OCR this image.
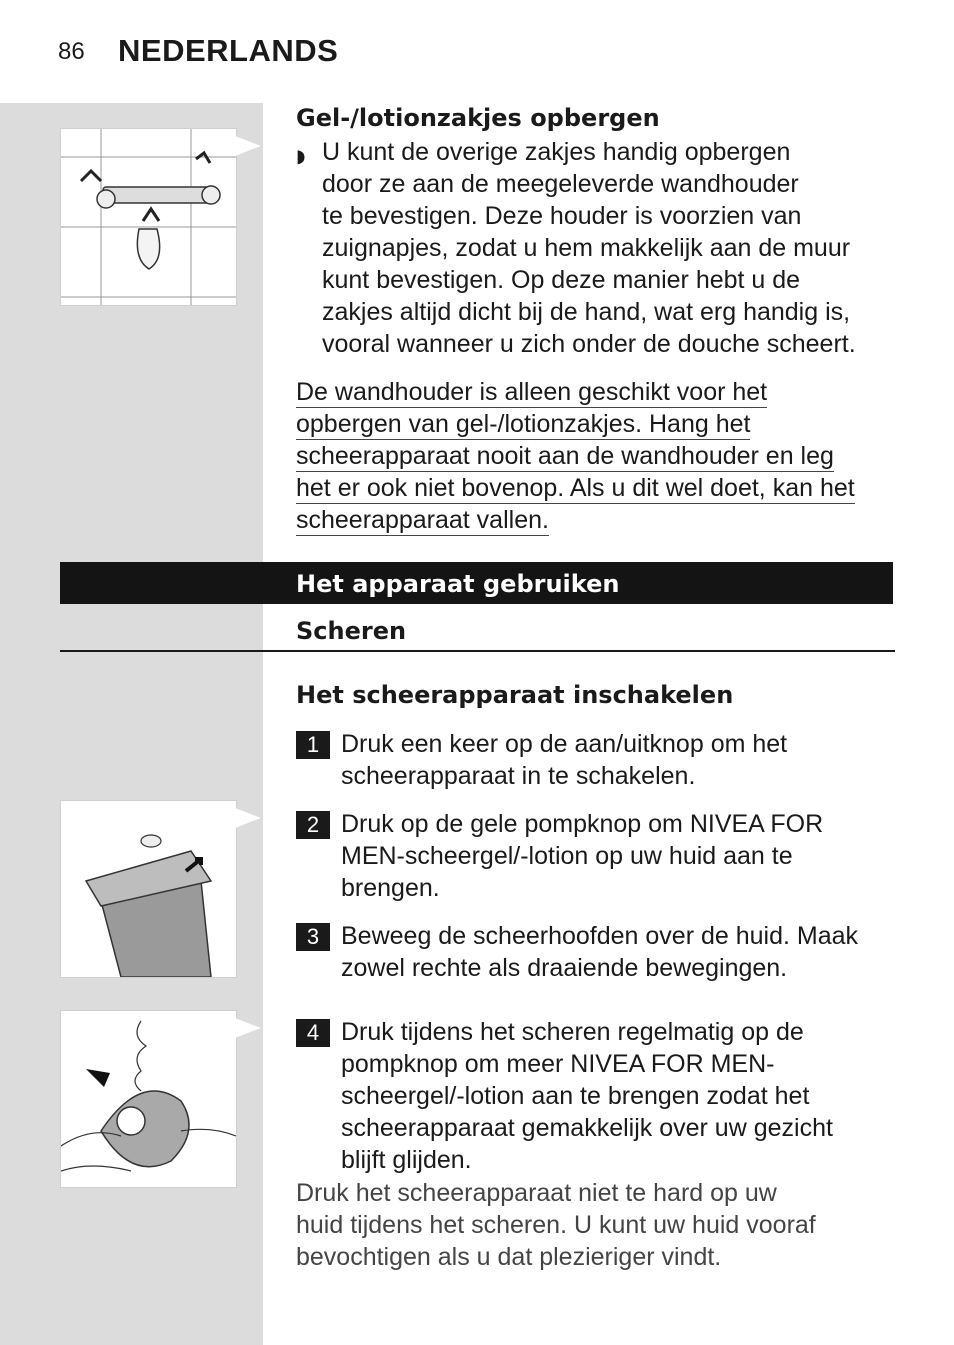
86 NEDERLANDS
Gel-/lotionzakjes opbergen
◗ U kunt de overige zakjes handig opbergen
door ze aan de meegeleverde wandhouder
te bevestigen. Deze houder is voorzien van
zuignapjes, zodat u hem makkelijk aan de muur
kunt bevestigen. Op deze manier hebt u de
zakjes altijd dicht bij de hand, wat erg handig is,
vooral wanneer u zich onder de douche scheert.
De wandhouder is alleen geschikt voor het
opbergen van gel-/lotionzakjes. Hang het
scheerapparaat nooit aan de wandhouder en leg
het er ook niet bovenop. Als u dit wel doet, kan het
scheerapparaat vallen.
Het apparaat gebruiken
Scheren
Het scheerapparaat inschakelen
1 Druk een keer op de aan/uitknop om het
scheerapparaat in te schakelen.
2 Druk op de gele pompknop om NIVEA FOR
MEN-scheergel/-lotion op uw huid aan te
brengen.
3 Beweeg de scheerhoofden over de huid. Maak
zowel rechte als draaiende bewegingen.
4 Druk tijdens het scheren regelmatig op de
pompknop om meer NIVEA FOR MEN-
scheergel/-lotion aan te brengen zodat het
scheerapparaat gemakkelijk over uw gezicht
blijft glijden.
Druk het scheerapparaat niet te hard op uw
huid tijdens het scheren. U kunt uw huid vooraf
bevochtigen als u dat plezieriger vindt.
